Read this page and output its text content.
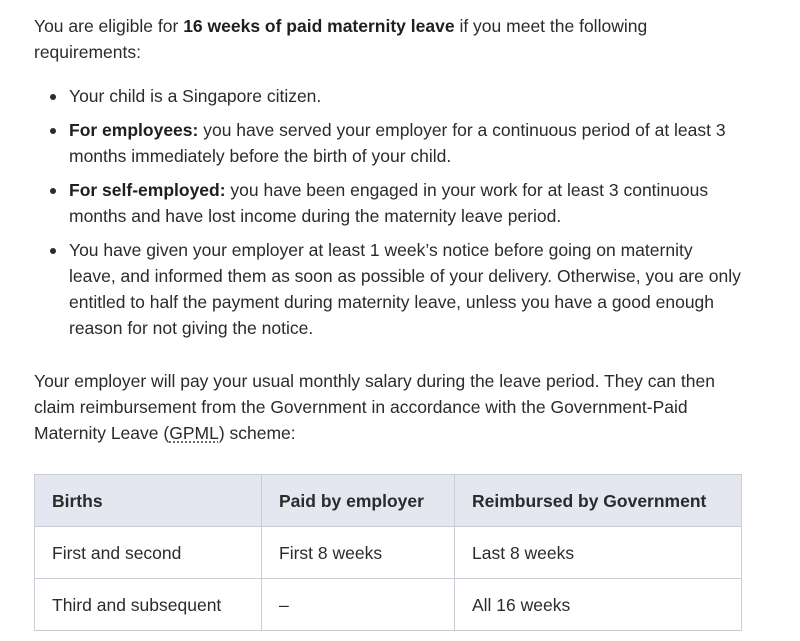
You are eligible for 16 weeks of paid maternity leave if you meet the following requirements:

Your child is a Singapore citizen.
For employees: you have served your employer for a continuous period of at least 3 months immediately before the birth of your child.
For self-employed: you have been engaged in your work for at least 3 continuous months and have lost income during the maternity leave period.
You have given your employer at least 1 week’s notice before going on maternity leave, and informed them as soon as possible of your delivery. Otherwise, you are only entitled to half the payment during maternity leave, unless you have a good enough reason for not giving the notice.

Your employer will pay your usual monthly salary during the leave period. They can then claim reimbursement from the Government in accordance with the Government-Paid Maternity Leave (GPML) scheme:

Births	Paid by employer	Reimbursed by Government
First and second	First 8 weeks	Last 8 weeks
Third and subsequent	–	All 16 weeks
